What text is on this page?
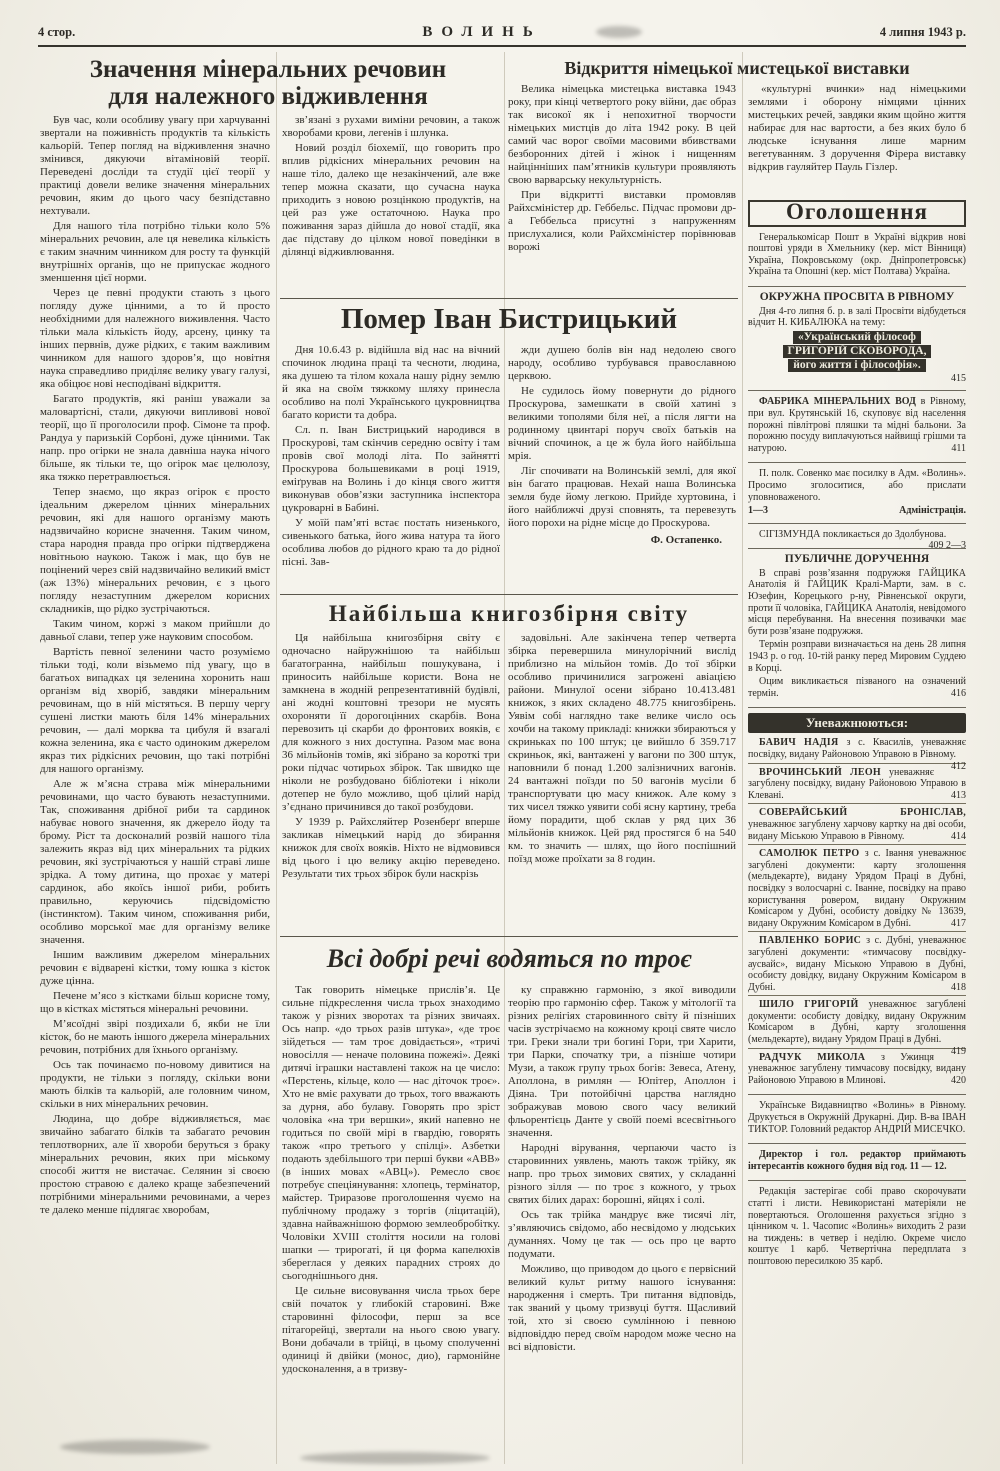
4 стор.	ВОЛИНЬ	4 липня 1943 р.
Значення мінеральних речовин
для належного відживлення

Був час, коли особливу увагу при харчуванні звертали на поживність продуктів та кількість кальорій. Тепер погляд на відживлення значно змінився, дякуючи вітаміновій теорії. Переведені досліди та студії цієї теорії у практиці довели велике значення мінеральних речовин, яким до цього часу безпідставно нехтували.

Для нашого тіла потрібно тільки коло 5% мінеральних речовин, але ця невелика кількість є таким значним чинником для росту та функцій внутрішніх органів, що не припускає жодного зменшення цієї норми.

Через це певні продукти стають з цього погляду дуже цінними, а то й просто необхідними для належного виживлення. Часто тільки мала кількість йоду, арсену, цинку та інших первнів, дуже рідких, є таким важливим чинником для нашого здоров’я, що новітня наука справедливо приділяє велику увагу галузі, яка обіцює нові несподівані відкриття.

Багато продуктів, які раніш уважали за маловартісні, стали, дякуючи випливові нової теорії, що її проголосили проф. Сімоне та проф. Рандуа у паризькій Сорбоні, дуже цінними. Так напр. про огірки не знала давніша наука нічого більше, як тільки те, що огірок має целюлозу, яка тяжко перетравлюється.

Тепер знаємо, що якраз огірок є просто ідеальним джерелом цінних мінеральних речовин, які для нашого організму мають надзвичайно корисне значення. Таким чином, стара народня правда про огірки підтверджена новітньою наукою. Також і мак, що був не поцінений через свій надзвичайно великий вміст (аж 13%) мінеральних речовин, є з цього погляду незаступним джерелом корисних складників, що рідко зустрічаються.

Таким чином, коржі з маком прийшли до давньої слави, тепер уже науковим способом.

Вартість певної зеленини часто розуміємо тільки тоді, коли візьмемо під увагу, що в багатьох випадках ця зеленина хоронить наш організм від хворіб, завдяки мінеральним речовинам, що в ній містяться. В першу чергу сушені листки мають біля 14% мінеральних речовин, — далі морква та цибуля й взагалі кожна зеленина, яка є часто одиноким джерелом якраз тих рідкісних речовин, що такі потрібні для нашого організму.

Але ж м’ясна страва між мінеральними речовинами, що часто бувають незаступними. Так, споживання дрібної риби та сардинок набуває нового значення, як джерело йоду та брому. Ріст та досконалий розвій нашого тіла залежить якраз від цих мінеральних та рідких речовин, які зустрічаються у нашій страві лише зрідка. А тому дитина, що прохає у матері сардинок, або якоїсь іншої риби, робить правильно, керуючись підсвідомістю (інстинктом). Таким чином, споживання риби, особливо морської має для організму велике значення.

Іншим важливим джерелом мінеральних речовин є відварені кістки, тому юшка з кісток дуже цінна.

Печене м’ясо з кістками більш корисне тому, що в кістках містяться мінеральні речовини.

М’ясоїдні звірі поздихали б, якби не їли кісток, бо не мають іншого джерела мінеральних речовин, потрібних для їхнього організму.

Ось так починаємо по-новому дивитися на продукти, не тільки з погляду, скільки вони мають білків та кальорій, але головним чином, скільки в них мінеральних речовин.

Людина, що добре відживляється, має звичайно забагато білків та забагато речовин теплотворних, але її хвороби беруться з браку мінеральних речовин, яких при міському способі життя не вистачає. Селянин зі своєю простою стравою є далеко краще забезпечений потрібними мінеральними речовинами, а через те далеко менше підлягає хворобам,

зв’язані з рухами виміни речовин, а також хворобами крови, легенів і шлунка.

Новий розділ біохемії, що говорить про вплив рідкісних мінеральних речовин на наше тіло, далеко ще незакінчений, але вже тепер можна сказати, що сучасна наука приходить з новою розцінкою продуктів, на цей раз уже остаточною. Наука про поживання зараз дійшла до нової стадії, яка дає підставу до цілком нової поведінки в ділянці відживлювання.

Відкриття німецької мистецької виставки

Велика німецька мистецька виставка 1943 року, при кінці четвертого року війни, дає образ так високої як і непохитної творчости німецьких мистців до літа 1942 року. В цей самий час ворог своїми масовими вбивствами безборонних дітей і жінок і нищенням найцінніших пам’ятників культури проявляють свою варварську некультурність.

При відкритті виставки промовляв Райхсміністер др. Геббельс. Підчас промови др-а Геббельса присутні з напруженням прислухалися, коли Райхсміністер порівнював ворожі

«культурні вчинки» над німецькими землями і оборону німцями цінних мистецьких речей, завдяки яким щойно життя набирає для нас вартости, а без яких було б людське існування лише марним вегетуванням. З доручення Фірера виставку відкрив гауляйтер Пауль Гізлер.

Помер Іван Бистрицький

Дня 10.6.43 р. відійшла від нас на вічний спочинок людина праці та чесноти, людина, яка душею та тілом кохала нашу рідну землю й яка на своїм тяжкому шляху принесла особливо на полі Українського цукровництва багато користи та добра.

Сл. п. Іван Бистрицький народився в Проскурові, там скінчив середню освіту і там провів свої молоді літа. По зайнятті Проскурова большевиками в році 1919, еміґрував на Волинь і до кінця свого життя виконував обов’язки заступника інспектора цукроварні в Бабині.

У моїй пам’яті встає постать низенького, сивенького батька, його жива натура та його особлива любов до рідного краю та до рідної пісні. Зав-

жди душею болів він над недолею свого народу, особливо турбувався православною церквою.

Не судилось йому повернути до рідного Проскурова, замешкати в своїй хатині з великими тополями біля неї, а після лягти на родинному цвинтарі поруч своїх батьків на вічний спочинок, а це ж була його найбільша мрія.

Ліг спочивати на Волинській землі, для якої він багато працював. Нехай наша Волинська земля буде йому легкою. Прийде хуртовина, і його найближчі друзі сповнять, та перевезуть його порохи на рідне місце до Проскурова.

Ф. Остапенко.
Найбільша книгозбірня світу

Ця найбільша книгозбірня світу є одночасно найружнішою та найбільш багатогранна, найбільш пошукувана, і приносить найбільше користи. Вона не замкнена в жодній репрезентативній будівлі, ані жодні коштовні трезори не мусять охороняти її дорогоцінних скарбів. Вона перевозить ці скарби до фронтових вояків, є для кожного з них доступна. Разом має вона 36 мільйонів томів, які зібрано за короткі три роки підчас чотирьох збірок. Так швидко ще ніколи не розбудовано бібліотеки і ніколи дотепер не було можливо, щоб цілий нарід з’єднано причинився до такої розбудови.

У 1939 р. Райхсляйтер Розенберґ вперше закликав німецький нарід до збирання книжок для своїх вояків. Ніхто не відмовився від цього і цю велику акцію переведено. Результати тих трьох збірок були наскрізь

задовільні. Але закінчена тепер четверта збірка перевершила минулорічний вислід приблизно на мільйон томів. До тої збірки особливо причинилися загрожені авіацією райони. Минулої осени зібрано 10.413.481 книжок, з яких складено 48.775 книгозбірень. Уявім собі наглядно таке велике число ось хочби на такому прикладі: книжки збираються у скриньках по 100 штук; це вийшло б 359.717 скриньок, які, вантажені у вагони по 300 штук, наповнили б понад 1.200 залізничних вагонів. 24 вантажні поїзди по 50 вагонів мусіли б транспортувати цю масу книжок. Але кому з тих чисел тяжко уявити собі ясну картину, треба йому порадити, щоб склав у ряд цих 36 мільйонів книжок. Цей ряд простягся б на 540 км. то значить — шлях, що його поспішний поїзд може проїхати за 8 годин.

Всі добрі речі водяться по троє

Так говорить німецьке прислів’я. Це сильне підкреслення числа трьох знаходимо також у різних зворотах та різних звичаях. Ось напр. «до трьох разів штука», «де троє зійдеться — там троє довідається», «тричі новосілля — неначе половина пожежі». Деякі дитячі іграшки наставлені також на це число: «Перстень, кільце, коло — нас діточок троє». Хто не вміє рахувати до трьох, того вважають за дурня, або булаву. Говорять про зріст чоловіка «на три вершки», який напевно не годиться по своїй мірі в гвардію, говорять також «про третього у спілці». Азбетки подають здебільшого три перші букви «АВВ» (в інших мовах «АВЦ»). Ремесло своє потребує спеціянування: хлопець, термінатор, майстер. Триразове проголошення чуємо на публічному продажу з торгів (ліцитацій), здавна найважнішою формою землеобробітку. Чоловіки XVIII століття носили на голові шапки — трирогаті, й ця форма капелюхів збереглася у деяких парадних строях до сьогоднішнього дня.

Це сильне висовування числа трьох бере свій початок у глибокій старовині. Вже старовинні філософи, перш за все пітагорейці, звертали на нього свою увагу. Вони добачали в трійці, в цьому сполученні одиниці й двійки (монос, дио), гармонійне удосконалення, а в тризву-

ку справжню гармонію, з якої виводили теорію про гармонію сфер. Також у мітології та різних релігіях старовинного світу й пізніших часів зустрічаємо на кожному кроці святе число три. Греки знали три богині Гори, три Харити, три Парки, спочатку три, а пізніше чотири Музи, а також групу трьох богів: Зевеса, Атену, Аполлона, в римлян — Юпітер, Аполлон і Діяна. Три потойбічні царства наглядно зображував мовою свого часу великий фльорентієць Данте у своїй поемі всесвітнього значення.

Народні вірування, черпаючи часто із старовинних уявлень, мають також трійку, як напр. про трьох зимових святих, у складанні різного зілля — по троє з кожного, у трьох святих білих дарах: борошні, яйцях і солі.

Ось так трійка мандрує вже тисячі літ, з’являючись свідомо, або несвідомо у людських думаннях. Чому це так — ось про це варто подумати.

Можливо, що приводом до цього є первісний великий культ ритму нашого існування: народження і смерть. Три питання відповідь, так званий у цьому тризвуці буття. Щасливий той, хто зі своєю сумлінною і певною відповіддю перед своїм народом може чесно на всі відповісти.

Оголошення

Генералькомісар Пошт в Україні відкрив нові поштові уряди в Хмельнику (кер. міст Вінниця) Україна, Покровському (окр. Дніпропетровськ) Україна та Опошні (кер. міст Полтава) Україна.

ОКРУЖНА ПРОСВІТА В РІВНОМУ

Дня 4-го липня б. р. в залі Просвіти відбудеться відчит Н. КИБАЛЮКА на тему:

«Український філософ
ГРИГОРІЙ СКОВОРОДА,
його життя і філософія».
415

ФАБРИКА МІНЕРАЛЬНИХ ВОД в Рівному, при вул. Крутянській 16, скуповує від населення порожні півлітрові пляшки та мідні бальони. За порожню посуду виплачуються найвищі грішми та натурою.	411

П. полк. Совенко має посилку в Адм. «Волинь». Просимо зголоситися, або прислати уповноваженого.

1—3	Адміністрація.

СІГІЗМУНДА покликається до Здолбунова.
409 2—3

ПУБЛИЧНЕ ДОРУЧЕННЯ

В справі розв’язання подружжя ГАЙЦИКА Анатолія й ГАЙЦИК Кралі-Марти, зам. в с. Юзефин, Корецького р-ну, Рівненської округи, проти її чоловіка, ГАЙЦИКА Анатолія, невідомого місця перебування. На внесення позивачки має бути розв’язане подружжя.

Термін розправи визначається на день 28 липня 1943 р. о год. 10-тій ранку перед Мировим Суддею в Корці.

Оцим викликається пізваного на означений термін.	416

Уневажнюються:

БАВИЧ НАДІЯ з с. Квасилів, уневажняє посвідку, видану Районовою Управою в Рівному.
412

ВРОЧИНСЬКИЙ ЛЕОН уневажняє загублену посвідку, видану Районовою Управою в Клевані.	413

СОВЕРАЙСЬКИЙ БРОНІСЛАВ, уневажнює загублену харчову картку на дві особи, видану Міською Управою в Рівному.	414

САМОЛЮК ПЕТРО з с. Івання уневажнює загублені документи: карту зголошення (мельдекарте), видану Урядом Праці в Дубні, посвідку з волосчарні с. Іванне, посвідку на право користування ровером, видану Окружним Комісаром у Дубні, особисту довідку № 13639, видану Окружним Комісаром в Дубні.	417

ПАВЛЕНКО БОРИС з с. Дубні, уневажнює загублені документи: «тимчасову посвідку-аусвайс», видану Міською Управою в Дубні, особисту довідку, видану Окружним Комісаром в Дубні.	418

ШИЛО ГРИГОРІЙ уневажнює загублені документи: особисту довідку, видану Окружним Комісаром в Дубні, карту зголошення (мельдекарте), видану Урядом Праці в Дубні.
419

РАДЧУК МИКОЛА з Ужинця уневажнює загублену тимчасову посвідку, видану Районовою Управою в Млинові.	420

Українське Видавництво «Волинь» в Рівному. Друкується в Окружній Друкарні. Дир. В-ва ІВАН ТИКТОР. Головний редактор АНДРІЙ МИСЕЧКО.

Директор і гол. редактор приймають інтересантів кожного будня від год. 11 — 12.

Редакція застерігає собі право скорочувати статті і листи. Невикористані матеріяли не повертаються. Оголошення рахується згідно з цінником ч. 1. Часопис «Волинь» виходить 2 рази на тиждень: в четвер і неділю. Окреме число коштує 1 карб. Четвертічна передплата з поштовою пересилкою 35 карб.
